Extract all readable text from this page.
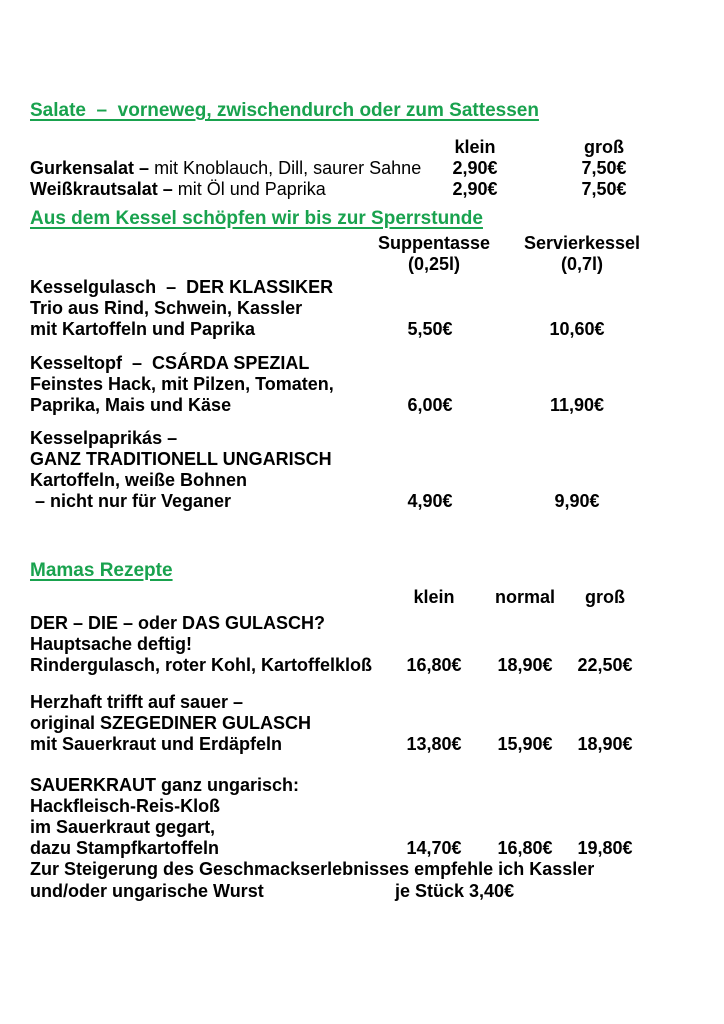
Salate  –  vorneweg, zwischendurch oder zum Sattessen
klein	groß
Gurkensalat – mit Knoblauch, Dill, saurer Sahne	2,90€	7,50€
Weißkrautsalat – mit Öl und Paprika	2,90€	7,50€
Aus dem Kessel schöpfen wir bis zur Sperrstunde
Suppentasse	Servierkessel
(0,25l)	(0,7l)
Kesselgulasch  –  DER KLASSIKER
Trio aus Rind, Schwein, Kassler
mit Kartoffeln und Paprika	5,50€	10,60€
Kesseltopf  –  CSÁRDA SPEZIAL
Feinstes Hack, mit Pilzen, Tomaten,
Paprika, Mais und Käse	6,00€	11,90€
Kesselpaprikás –
GANZ TRADITIONELL UNGARISCH
Kartoffeln, weiße Bohnen
– nicht nur für Veganer	4,90€	9,90€
Mamas Rezepte
klein	normal	groß
DER – DIE – oder DAS GULASCH?
Hauptsache deftig!
Rindergulasch, roter Kohl, Kartoffelkloß	16,80€	18,90€	22,50€
Herzhaft trifft auf sauer –
original SZEGEDINER GULASCH
mit Sauerkraut und Erdäpfeln	13,80€	15,90€	18,90€
SAUERKRAUT ganz ungarisch:
Hackfleisch-Reis-Kloß
im Sauerkraut gegart,
dazu Stampfkartoffeln	14,70€	16,80€	19,80€
Zur Steigerung des Geschmackserlebnisses empfehle ich Kassler
und/oder ungarische Wurst	je Stück 3,40€
